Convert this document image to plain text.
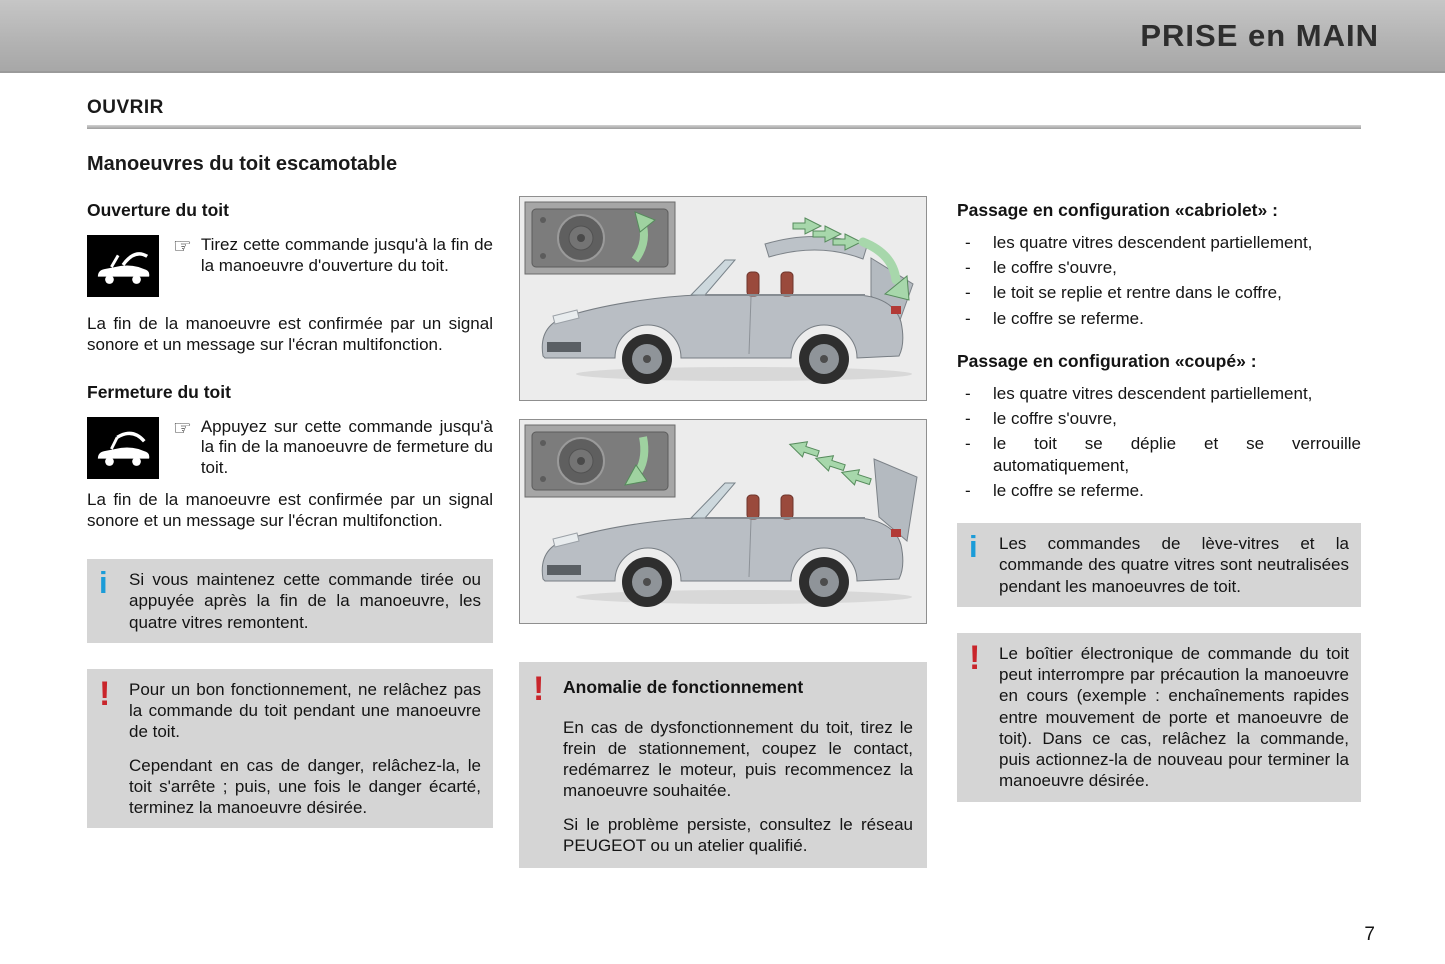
PRISE en MAIN
OUVRIR
Manoeuvres du toit escamotable
Ouverture du toit
☞ Tirez cette commande jusqu'à la fin de la manoeuvre d'ouverture du toit.

La fin de la manoeuvre est confirmée par un signal sonore et un message sur l'écran multifonction.

Fermeture du toit
☞ Appuyez sur cette commande jusqu'à la fin de la manoeuvre de fermeture du toit.

La fin de la manoeuvre est confirmée par un signal sonore et un message sur l'écran multifonction.

i	Si vous maintenez cette commande tirée ou appuyée après la fin de la manoeuvre, les quatre vitres remontent.

!	Pour un bon fonctionnement, ne relâchez pas la commande du toit pendant une manoeuvre de toit.

Cependant en cas de danger, relâchez-la, le toit s'arrête ; puis, une fois le danger écarté, terminez la manoeuvre désirée.

!	Anomalie de fonctionnement

En cas de dysfonctionnement du toit, tirez le frein de stationnement, coupez le contact, redémarrez le moteur, puis recommencez la manoeuvre souhaitée.

Si le problème persiste, consultez le réseau PEUGEOT ou un atelier qualifié.

Passage en configuration «cabriolet» :
- les quatre vitres descendent partiellement,
- le coffre s'ouvre,
- le toit se replie et rentre dans le coffre,
- le coffre se referme.
Passage en configuration «coupé» :
- les quatre vitres descendent partiellement,
- le coffre s'ouvre,
- le toit se déplie et se verrouille automatiquement,
- le coffre se referme.
i	Les commandes de lève-vitres et la commande des quatre vitres sont neutralisées pendant les manoeuvres de toit.

!	Le boîtier électronique de commande du toit peut interrompre par précaution la manoeuvre en cours (exemple : enchaînements rapides entre mouvement de porte et manoeuvre de toit). Dans ce cas, relâchez la commande, puis actionnez-la de nouveau pour terminer la manoeuvre désirée.

7
